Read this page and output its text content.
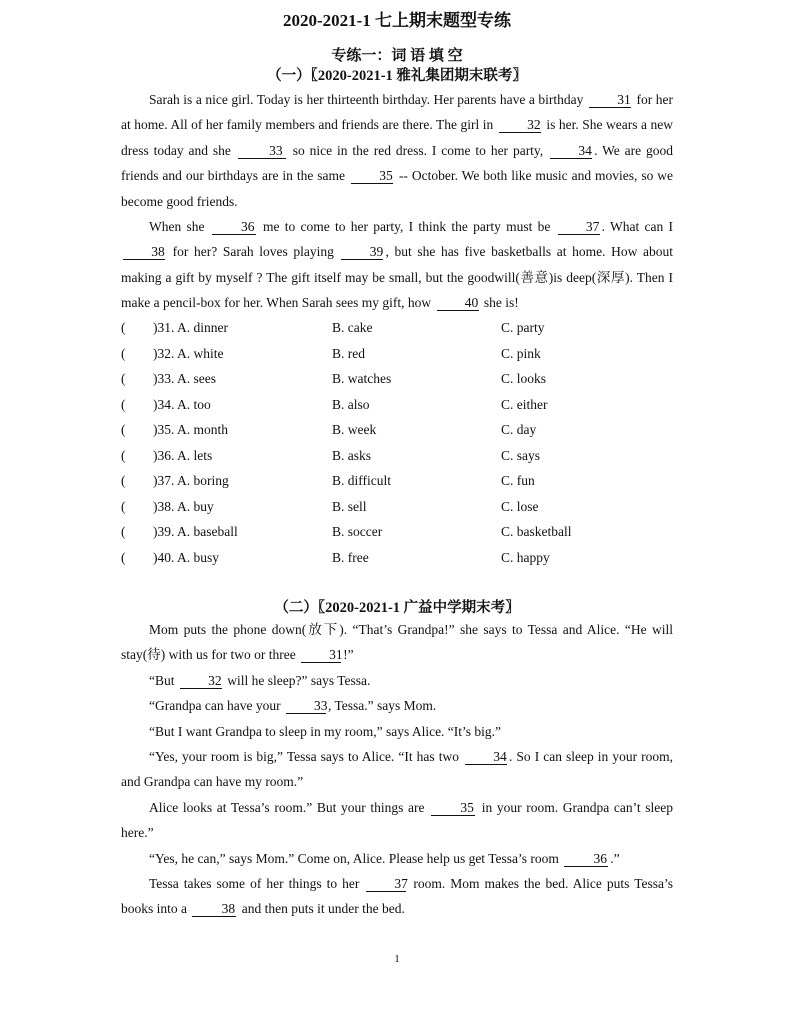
2020-2021-1 七上期末题型专练
专练一：词 语 填 空
（一）〖2020-2021-1 雅礼集团期末联考〗

Sarah is a nice girl. Today is her thirteenth birthday. Her parents have a birthday	31 for her at home. All of her family members and friends are there. The girl in	32 is her. She wears a new dress today and she	33 so nice in the red dress. I come to her party,	34 . We are good friends and our birthdays are in the same	35 -- October. We both like music and movies, so we become good friends.

When she	36 me to come to her party, I think the party must be	37 . What can I 38 for her? Sarah loves playing	39 , but she has five basketballs at home. How about making a gift by myself ? The gift itself may be small, but the goodwill(善意)is deep(深厚). Then I make a pencil-box for her. When Sarah sees my gift, how 40 she is!

( )31. A. dinner	B. cake	C. party
( )32. A. white	B. red	C. pink
( )33. A. sees	B. watches	C. looks
( )34. A. too	B. also	C. either
( )35. A. month	B. week	C. day
( )36. A. lets	B. asks	C. says
( )37. A. boring	B. difficult	C. fun
( )38. A. buy	B. sell	C. lose
( )39. A. baseball	B. soccer	C. basketball
( )40. A. busy	B. free	C. happy
（二）〖2020-2021-1 广益中学期末考〗

Mom puts the phone down(放下). “That’s Grandpa!” she says to Tessa and Alice. “He will stay(待) with us for two or three 31!”

“But 32 will he sleep?” says Tessa.

“Grandpa can have your 33, Tessa.” says Mom.

“But I want Grandpa to sleep in my room,” says Alice. “It’s big.”

“Yes, your room is big,” Tessa says to Alice. “It has two	34 . So I can sleep in your room, and Grandpa can have my room.”

Alice looks at Tessa’s room.” But your things are	35 in your room. Grandpa can’t sleep here.”

“Yes, he can,” says Mom.” Come on, Alice. Please help us get Tessa’s room	36 .”

Tessa takes some of her things to her	37 room. Mom makes the bed. Alice puts Tessa’s books into a	38 and then puts it under the bed.

1
